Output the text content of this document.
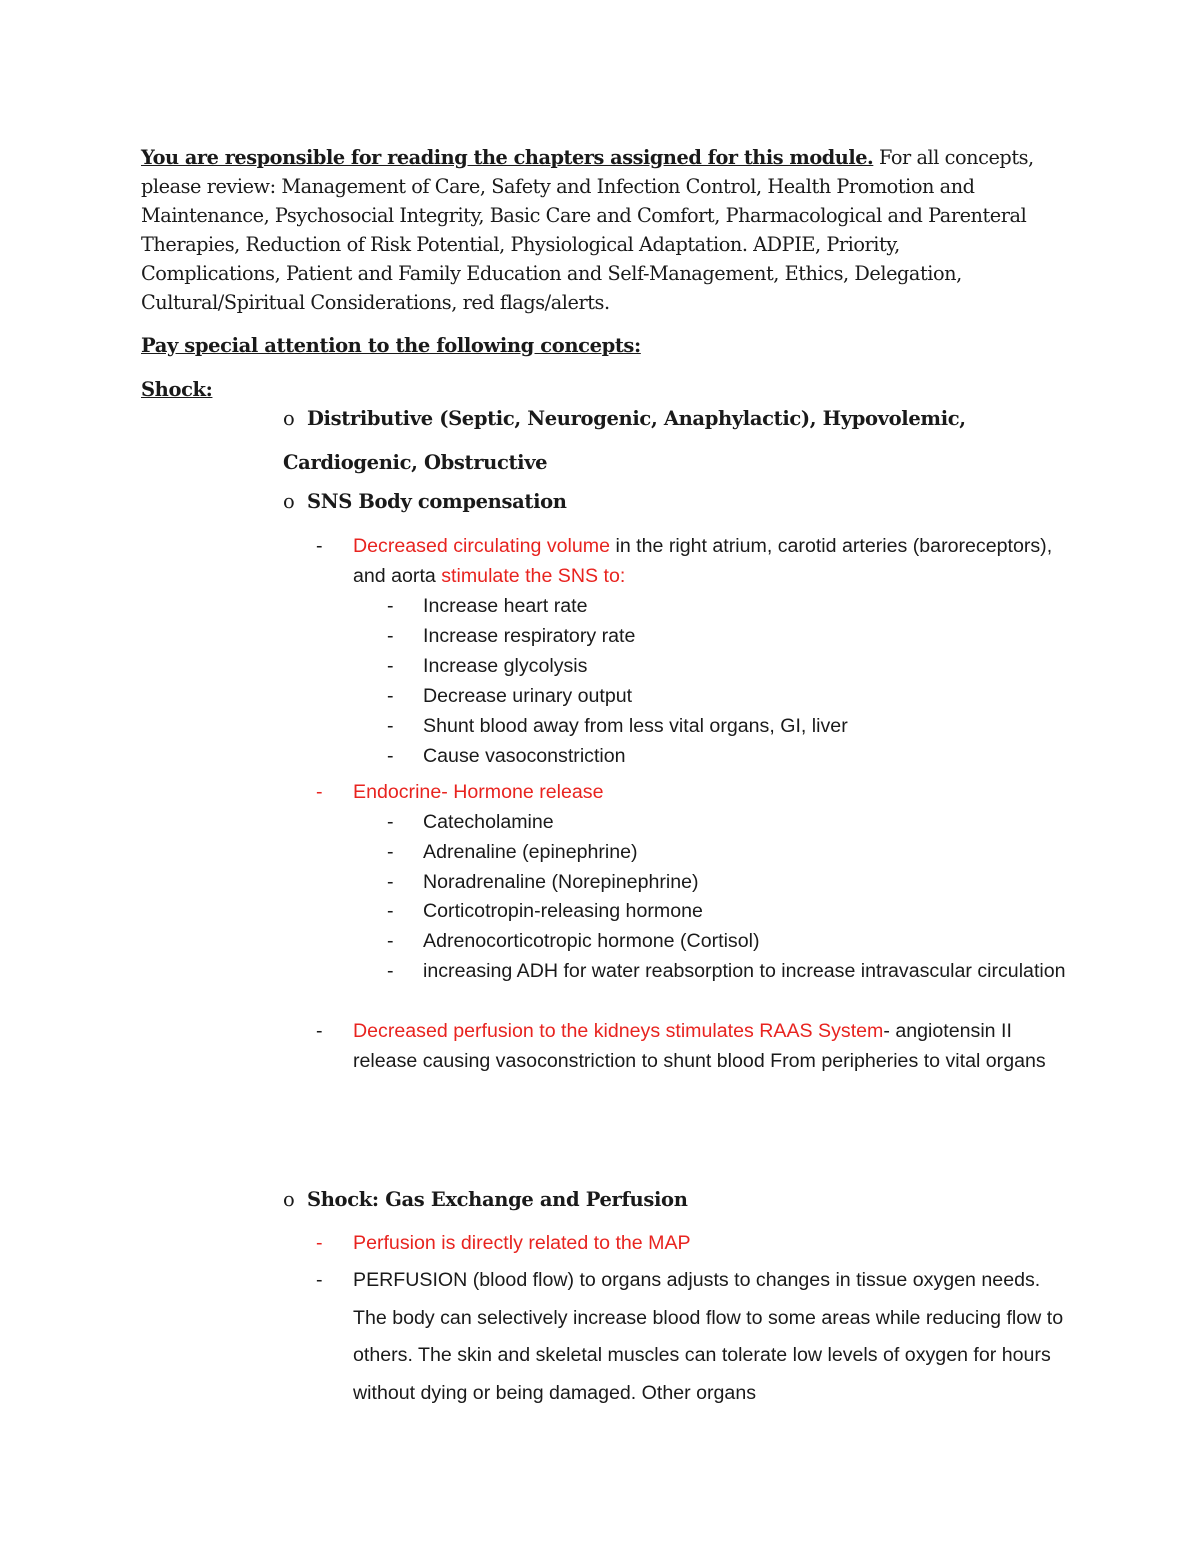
You are responsible for reading the chapters assigned for this module. For all concepts, please review: Management of Care, Safety and Infection Control, Health Promotion and Maintenance, Psychosocial Integrity, Basic Care and Comfort, Pharmacological and Parenteral Therapies, Reduction of Risk Potential, Physiological Adaptation. ADPIE, Priority, Complications, Patient and Family Education and Self-Management, Ethics, Delegation, Cultural/Spiritual Considerations, red flags/alerts.
Pay special attention to the following concepts:
Shock:
o Distributive (Septic, Neurogenic, Anaphylactic), Hypovolemic,
Cardiogenic, Obstructive
o SNS Body compensation
- Decreased circulating volume in the right atrium, carotid arteries (baroreceptors), and aorta stimulate the SNS to:
- Increase heart rate
- Increase respiratory rate
- Increase glycolysis
- Decrease urinary output
- Shunt blood away from less vital organs, GI, liver
- Cause vasoconstriction
- Endocrine- Hormone release
- Catecholamine
- Adrenaline (epinephrine)
- Noradrenaline (Norepinephrine)
- Corticotropin-releasing hormone
- Adrenocorticotropic hormone (Cortisol)
- increasing ADH for water reabsorption to increase intravascular circulation
- Decreased perfusion to the kidneys stimulates RAAS System- angiotensin II release causing vasoconstriction to shunt blood From peripheries to vital organs
o Shock: Gas Exchange and Perfusion
- Perfusion is directly related to the MAP
- PERFUSION (blood flow) to organs adjusts to changes in tissue oxygen needs. The body can selectively increase blood flow to some areas while reducing flow to others. The skin and skeletal muscles can tolerate low levels of oxygen for hours without dying or being damaged. Other organs
